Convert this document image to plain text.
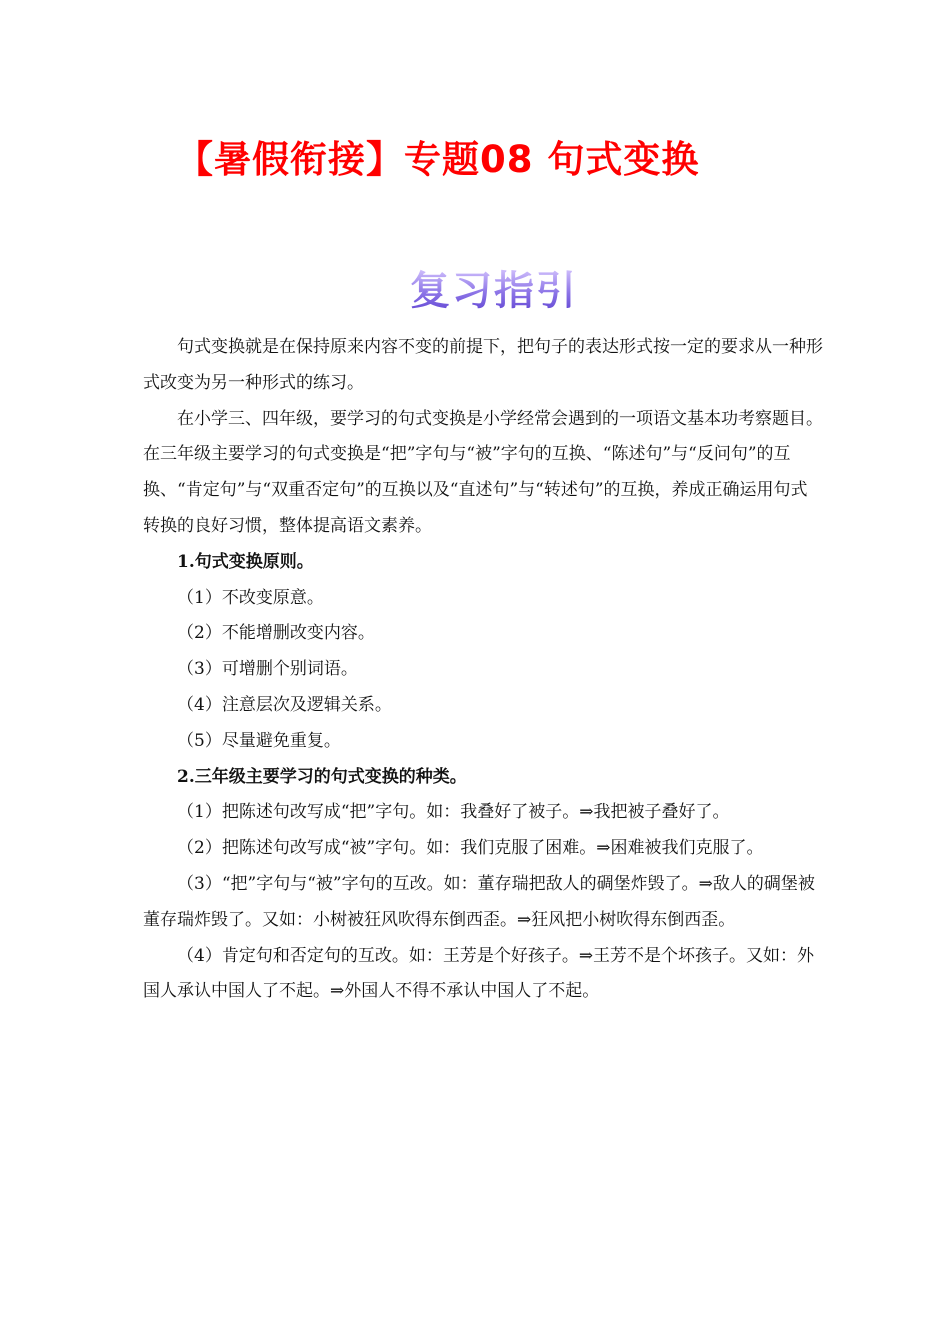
【暑假衔接】专题08 句式变换
复习指引

句式变换就是在保持原来内容不变的前提下，把句子的表达形式按一定的要求从一种形式改变为另一种形式的练习。

在小学三、四年级，要学习的句式变换是小学经常会遇到的一项语文基本功考察题目。在三年级主要学习的句式变换是“把”字句与“被”字句的互换、“陈述句”与“反问句”的互换、“肯定句”与“双重否定句”的互换以及“直述句”与“转述句”的互换，养成正确运用句式转换的良好习惯，整体提高语文素养。

1.句式变换原则。

（1）不改变原意。

（2）不能增删改变内容。

（3）可增删个别词语。

（4）注意层次及逻辑关系。

（5）尽量避免重复。

2.三年级主要学习的句式变换的种类。

（1）把陈述句改写成“把”字句。如：我叠好了被子。⇒我把被子叠好了。

（2）把陈述句改写成“被”字句。如：我们克服了困难。⇒困难被我们克服了。

（3）“把”字句与“被”字句的互改。如：董存瑞把敌人的碉堡炸毁了。⇒敌人的碉堡被董存瑞炸毁了。又如：小树被狂风吹得东倒西歪。⇒狂风把小树吹得东倒西歪。

（4）肯定句和否定句的互改。如：王芳是个好孩子。⇒王芳不是个坏孩子。又如：外国人承认中国人了不起。⇒外国人不得不承认中国人了不起。
